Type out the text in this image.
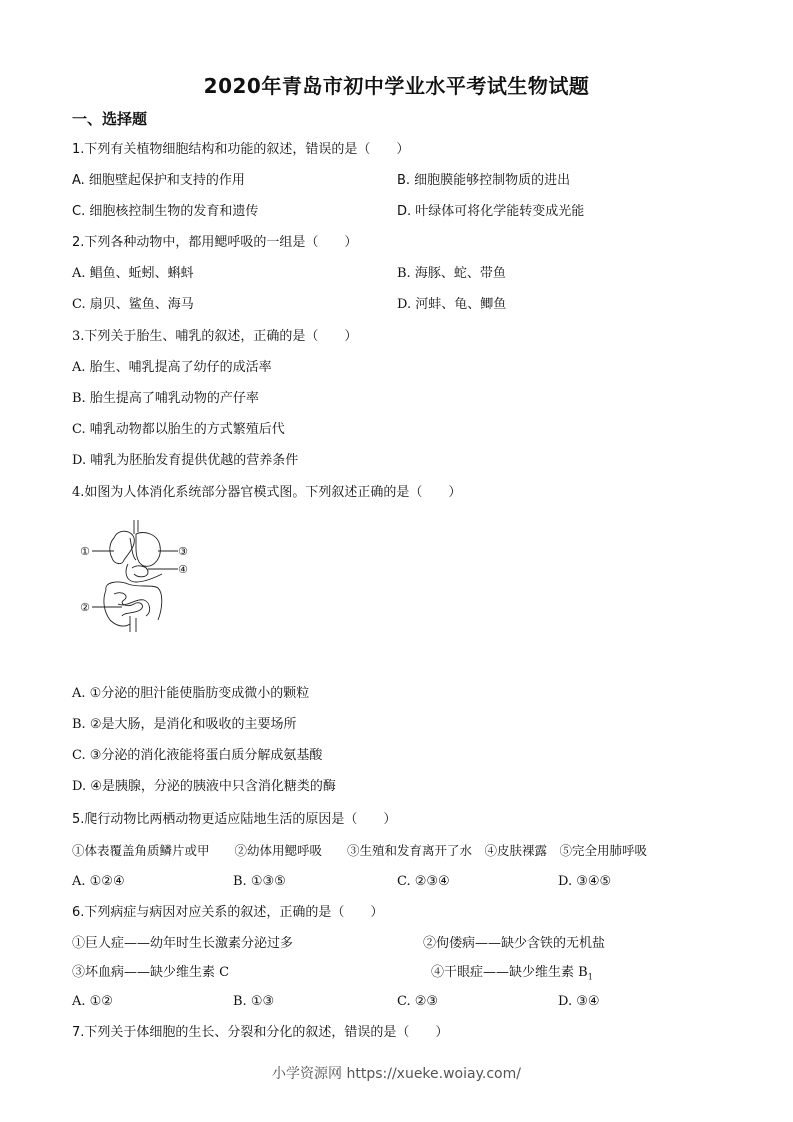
2020年青岛市初中学业水平考试生物试题
一、选择题
1.下列有关植物细胞结构和功能的叙述，错误的是（　　）
A. 细胞壁起保护和支持的作用	B. 细胞膜能够控制物质的进出
C. 细胞核控制生物的发育和遗传	D. 叶绿体可将化学能转变成光能
2.下列各种动物中，都用鳃呼吸的一组是（　　）
A. 鲳鱼、蚯蚓、蝌蚪	B. 海豚、蛇、带鱼
C. 扇贝、鲨鱼、海马	D. 河蚌、龟、鲫鱼
3.下列关于胎生、哺乳的叙述，正确的是（　　）
A. 胎生、哺乳提高了幼仔的成活率
B. 胎生提高了哺乳动物的产仔率
C. 哺乳动物都以胎生的方式繁殖后代
D. 哺乳为胚胎发育提供优越的营养条件
4.如图为人体消化系统部分器官模式图。下列叙述正确的是（　　）
①
②
③
④
A. ①分泌的胆汁能使脂肪变成微小的颗粒
B. ②是大肠，是消化和吸收的主要场所
C. ③分泌的消化液能将蛋白质分解成氨基酸
D. ④是胰腺，分泌的胰液中只含消化糖类的酶
5.爬行动物比两栖动物更适应陆地生活的原因是（　　）
①体表覆盖角质鳞片或甲　　②幼体用鳃呼吸　　③生殖和发育离开了水　④皮肤裸露　⑤完全用肺呼吸
A. ①②④	B. ①③⑤	C. ②③④	D. ③④⑤
6.下列病症与病因对应关系的叙述，正确的是（　　）
①巨人症——幼年时生长激素分泌过多	②佝偻病——缺少含铁的无机盐
③坏血病——缺少维生素 C	④干眼症——缺少维生素 $B_1$
A. ①②	B. ①③	C. ②③	D. ③④
7.下列关于体细胞的生长、分裂和分化的叙述，错误的是（　　）
小学资源网 https://xueke.woiay.com/
